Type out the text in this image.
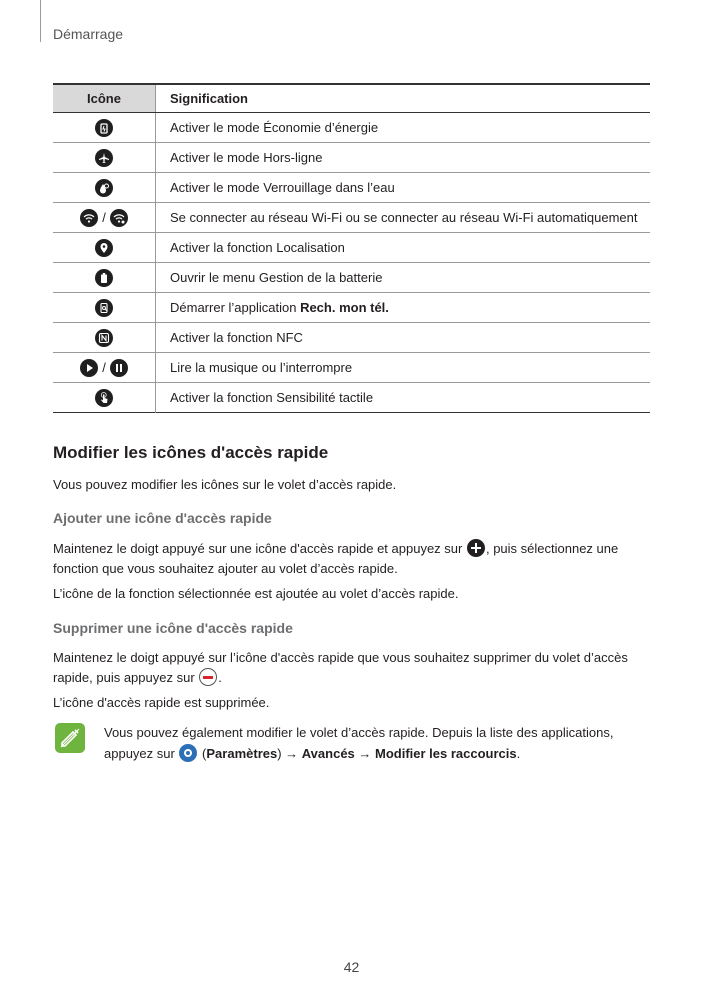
Démarrage
Icône	Signification

	Activer le mode Économie d’énergie

	Activer le mode Hors-ligne

	Activer le mode Verrouillage dans l’eau

/	Se connecter au réseau Wi-Fi ou se connecter au réseau Wi-Fi automatiquement

	Activer la fonction Localisation

	Ouvrir le menu Gestion de la batterie

	Démarrer l’application Rech. mon tél.

	Activer la fonction NFC

/	Lire la musique ou l’interrompre

	Activer la fonction Sensibilité tactile
Modifier les icônes d'accès rapide

Vous pouvez modifier les icônes sur le volet d’accès rapide.

Ajouter une icône d'accès rapide

Maintenez le doigt appuyé sur une icône d'accès rapide et appuyez sur , puis sélectionnez une fonction que vous souhaitez ajouter au volet d’accès rapide.

L’icône de la fonction sélectionnée est ajoutée au volet d’accès rapide.

Supprimer une icône d'accès rapide

Maintenez le doigt appuyé sur l’icône d'accès rapide que vous souhaitez supprimer du volet d’accès rapide, puis appuyez sur .

L’icône d'accès rapide est supprimée.

Vous pouvez également modifier le volet d’accès rapide. Depuis la liste des applications, appuyez sur  (Paramètres) → Avancés → Modifier les raccourcis.
42
